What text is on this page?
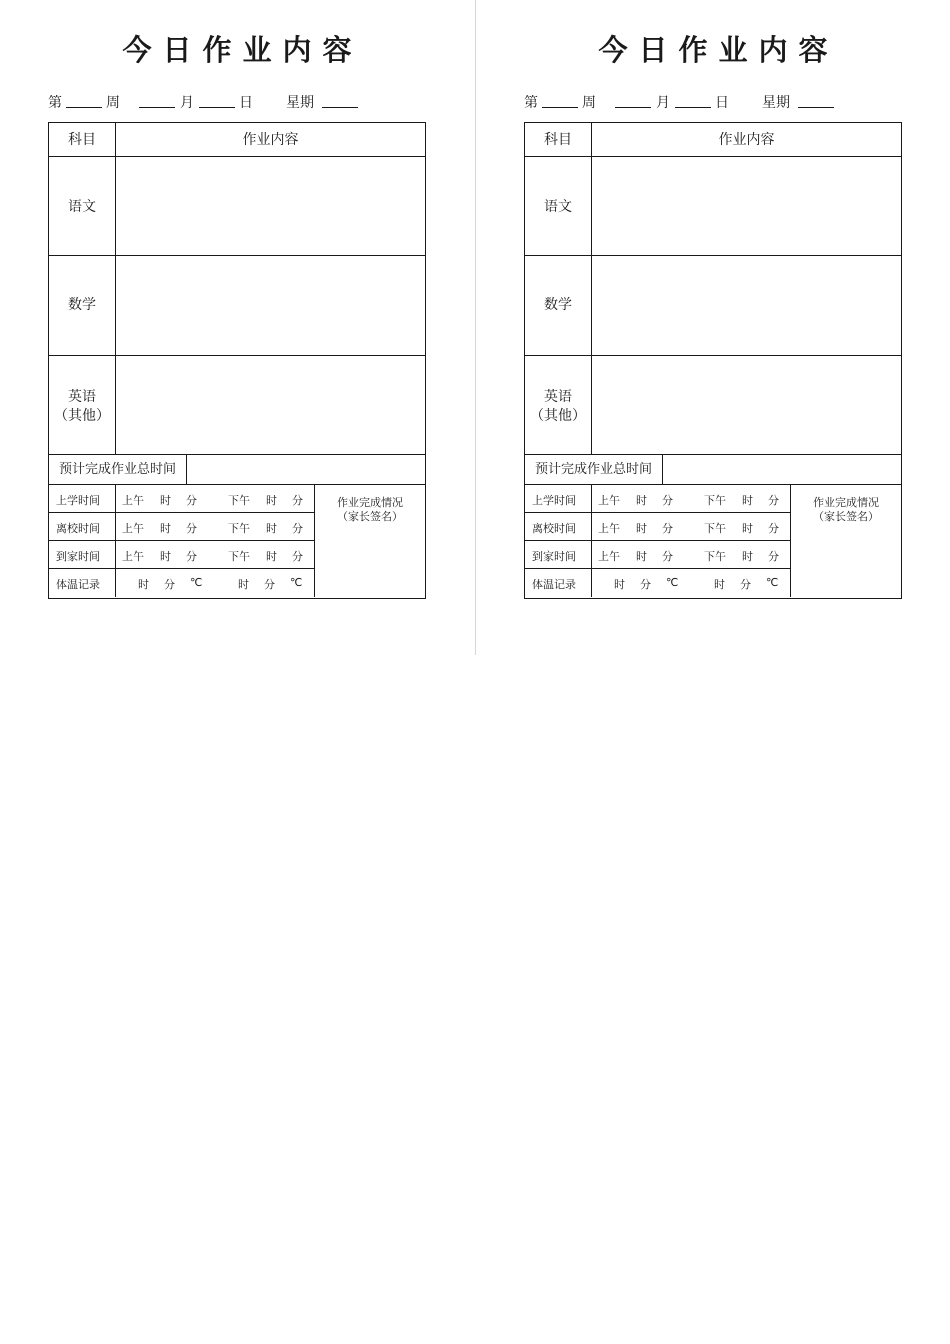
今日作业内容
第	周	月	日 星期
科目	作业内容
语文
数学
英语
（其他）
预计完成作业总时间
上学时间 上午 时 分	下午 时 分
离校时间 上午 时 分	下午 时 分
到家时间 上午 时 分	下午 时 分
体温记录	时 分 ℃	时 分 ℃
作业完成情况
（家长签名）
今日作业内容
第	周	月	日 星期
科目	作业内容
语文
数学
英语
（其他）
预计完成作业总时间
上学时间 上午 时 分	下午 时 分
离校时间 上午 时 分	下午 时 分
到家时间 上午 时 分	下午 时 分
体温记录	时 分 ℃	时 分 ℃
作业完成情况
（家长签名）
